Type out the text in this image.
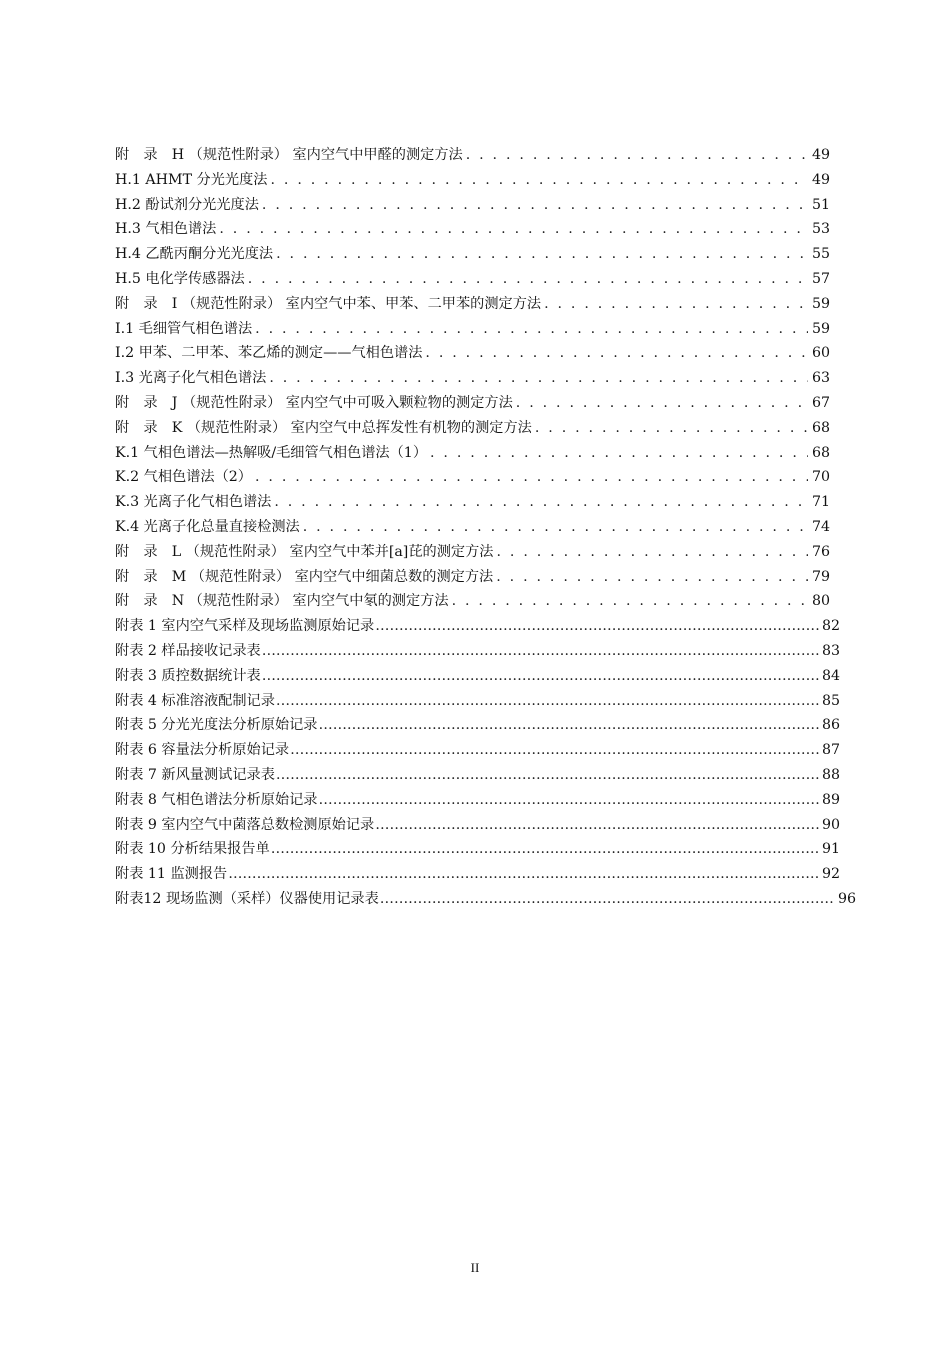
附　录　H （规范性附录） 室内空气中甲醛的测定方法 . . .	49
H.1 AHMT 分光光度法 . . .	49
H.2 酚试剂分光光度法 . . .	51
H.3 气相色谱法 . . .	53
H.4 乙酰丙酮分光光度法 . . .	55
H.5 电化学传感器法 . . .	57
附　录　I （规范性附录） 室内空气中苯、甲苯、二甲苯的测定方法 . . .	59
I.1 毛细管气相色谱法 . . .	59
I.2 甲苯、二甲苯、苯乙烯的测定——气相色谱法 . . .	60
I.3 光离子化气相色谱法 . . .	63
附　录　J （规范性附录） 室内空气中可吸入颗粒物的测定方法 . . .	67
附　录　K （规范性附录） 室内空气中总挥发性有机物的测定方法 . . .	68
K.1 气相色谱法—热解吸/毛细管气相色谱法（1） . . .	68
K.2 气相色谱法（2） . . .	70
K.3 光离子化气相色谱法 . . .	71
K.4 光离子化总量直接检测法 . . .	74
附　录　L （规范性附录） 室内空气中苯并[a]芘的测定方法 . . .	76
附　录　M （规范性附录） 室内空气中细菌总数的测定方法 . . .	79
附　录　N （规范性附录） 室内空气中氡的测定方法 . . .	80
附表 1 室内空气采样及现场监测原始记录 ………………………………………………………………………………………………………………………………………………………………………………	82
附表 2 样品接收记录表 ………………………………………………………………………………………………………………………………………………………………………………	83
附表 3 质控数据统计表 ………………………………………………………………………………………………………………………………………………………………………………	84
附表 4 标准溶液配制记录 ………………………………………………………………………………………………………………………………………………………………………………	85
附表 5 分光光度法分析原始记录 ………………………………………………………………………………………………………………………………………………………………………………	86
附表 6 容量法分析原始记录 ………………………………………………………………………………………………………………………………………………………………………………	87
附表 7 新风量测试记录表 ………………………………………………………………………………………………………………………………………………………………………………	88
附表 8 气相色谱法分析原始记录 ………………………………………………………………………………………………………………………………………………………………………………	89
附表 9 室内空气中菌落总数检测原始记录 ………………………………………………………………………………………………………………………………………………………………………………	90
附表 10 分析结果报告单 ………………………………………………………………………………………………………………………………………………………………………………	91
附表 11 监测报告 ………………………………………………………………………………………………………………………………………………………………………………	92
附表12 现场监测（采样）仪器使用记录表 ………………………………………………………………………………………………………………………………………………………………………………	96
II
